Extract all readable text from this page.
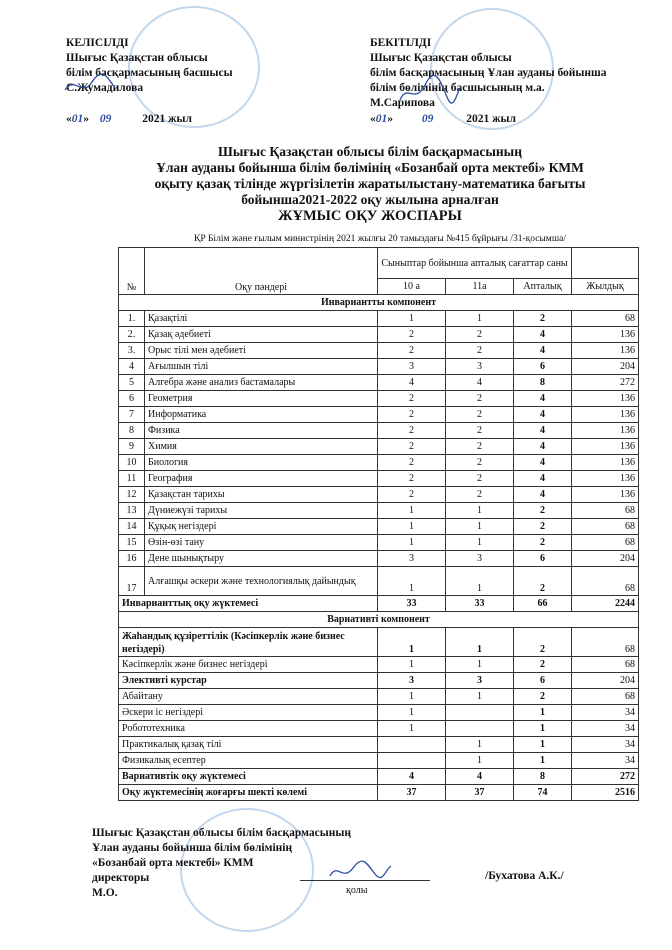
КЕЛІСІЛДІ
Шығыс Қазақстан облысы
білім басқармасының басшысы
С.Жумадилова
«01» 09	2021 жыл
БЕКІТІЛДІ
Шығыс Қазақстан облысы
білім басқармасының Ұлан ауданы бойынша
білім бөлімінің басшысының м.а.
М.Сарипова
«01»	09	2021 жыл
Шығыс Қазақстан облысы білім басқармасының
Ұлан ауданы бойынша білім бөлімінің «Бозанбай орта мектебі» КММ
оқыту қазақ тілінде жүргізілетін жаратылыстану-математика бағыты
бойынша2021-2022 оқу жылына арналған
ЖҰМЫС ОҚУ ЖОСПАРЫ
ҚР Білім және ғылым министрінің 2021 жылғы 20 тамыздағы №415 бұйрығы /31-қосымша/
№	Оқу пәндері	Сыныптар бойынша апталық сағаттар саны			
		10 а	11а	Апталық	Жылдық
Инвариантты компонент					
1.	Қазақтілі	1	1	2	68
2.	Қазақ әдебиеті	2	2	4	136
3.	Орыс тілі мен әдебиеті	2	2	4	136
4	Ағылшын тілі	3	3	6	204
5	Алгебра және анализ бастамалары	4	4	8	272
6	Геометрия	2	2	4	136
7	Информатика	2	2	4	136
8	Физика	2	2	4	136
9	Химия	2	2	4	136
10	Биология	2	2	4	136
11	География	2	2	4	136
12	Қазақстан тарихы	2	2	4	136
13	Дүниежүзі тарихы	1	1	2	68
14	Құқық негіздері	1	1	2	68
15	Өзін-өзі тану	1	1	2	68
16	Дене шынықтыру	3	3	6	204
17	Алғашқы әскери және технологиялық дайындық	1	1	2	68
Инварианттық оқу жүктемесі		33	33	66	2244
Вариативті компонент					
Жаһандық құзіреттілік (Кәсіпкерлік және бизнес негіздері)		1	1	2	68
Кәсіпкерлік және бизнес негіздері		1	1	2	68
Элективті курстар		3	3	6	204
Абайтану		1	1	2	68
Әскери іс негіздері		1		1	34
Робототехника		1		1	34
Практикалық қазақ тілі			1	1	34
Физикалық есептер			1	1	34
Вариативтік оқу жүктемесі		4	4	8	272
Оқу жүктемесінің жоғарғы шекті көлемі		37	37	74	2516
Шығыс Қазақстан облысы білім басқармасының
Ұлан ауданы бойынша білім бөлімінің
«Бозанбай орта мектебі» КММ
директоры
М.О.	қолы
/Бухатова А.К./
